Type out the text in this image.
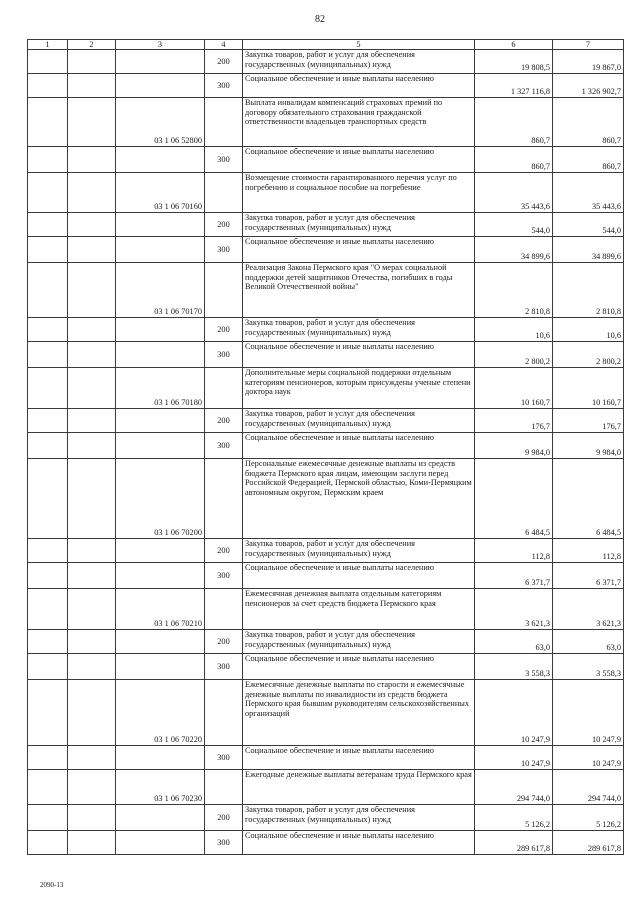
82
1	2	3	4	5	6	7
			200	Закупка товаров, работ и услуг для обеспечения государственных (муниципальных) нужд	19 808,5	19 867,0
			300	Социальное обеспечение и иные выплаты населению	1 327 116,8	1 326 902,7
		03 1 06 52800		Выплата инвалидам компенсаций страховых премий по договору обязательного страхования гражданской ответственности владельцев транспортных средств	860,7	860,7
			300	Социальное обеспечение и иные выплаты населению	860,7	860,7
		03 1 06 70160		Возмещение стоимости гарантированного перечня услуг по погребению и социальное пособие на погребение	35 443,6	35 443,6
			200	Закупка товаров, работ и услуг для обеспечения государственных (муниципальных) нужд	544,0	544,0
			300	Социальное обеспечение и иные выплаты населению	34 899,6	34 899,6
		03 1 06 70170		Реализация Закона Пермского края "О мерах социальной поддержки детей защитников Отечества, погибших в годы Великой Отечественной войны"	2 810,8	2 810,8
			200	Закупка товаров, работ и услуг для обеспечения государственных (муниципальных) нужд	10,6	10,6
			300	Социальное обеспечение и иные выплаты населению	2 800,2	2 800,2
		03 1 06 70180		Дополнительные меры социальной поддержки отдельным категориям пенсионеров, которым присуждены ученые степени доктора наук	10 160,7	10 160,7
			200	Закупка товаров, работ и услуг для обеспечения государственных (муниципальных) нужд	176,7	176,7
			300	Социальное обеспечение и иные выплаты населению	9 984,0	9 984,0
		03 1 06 70200		Персональные ежемесячные денежные выплаты из средств бюджета Пермского края лицам, имеющим заслуги перед Российской Федерацией, Пермской областью, Коми-Пермяцким автономным округом, Пермским краем	6 484,5	6 484,5
			200	Закупка товаров, работ и услуг для обеспечения государственных (муниципальных) нужд	112,8	112,8
			300	Социальное обеспечение и иные выплаты населению	6 371,7	6 371,7
		03 1 06 70210		Ежемесячная денежная выплата отдельным категориям пенсионеров за счет средств бюджета Пермского края	3 621,3	3 621,3
			200	Закупка товаров, работ и услуг для обеспечения государственных (муниципальных) нужд	63,0	63,0
			300	Социальное обеспечение и иные выплаты населению	3 558,3	3 558,3
		03 1 06 70220		Ежемесячные денежные выплаты по старости и ежемесячные денежные выплаты по инвалидности из средств бюджета Пермского края бывшим руководителям сельскохозяйственных организаций	10 247,9	10 247,9
			300	Социальное обеспечение и иные выплаты населению	10 247,9	10 247,9
		03 1 06 70230		Ежегодные денежные выплаты ветеранам труда Пермского края	294 744,0	294 744,0
			200	Закупка товаров, работ и услуг для обеспечения государственных (муниципальных) нужд	5 126,2	5 126,2
			300	Социальное обеспечение и иные выплаты населению	289 617,8	289 617,8
2090-13
